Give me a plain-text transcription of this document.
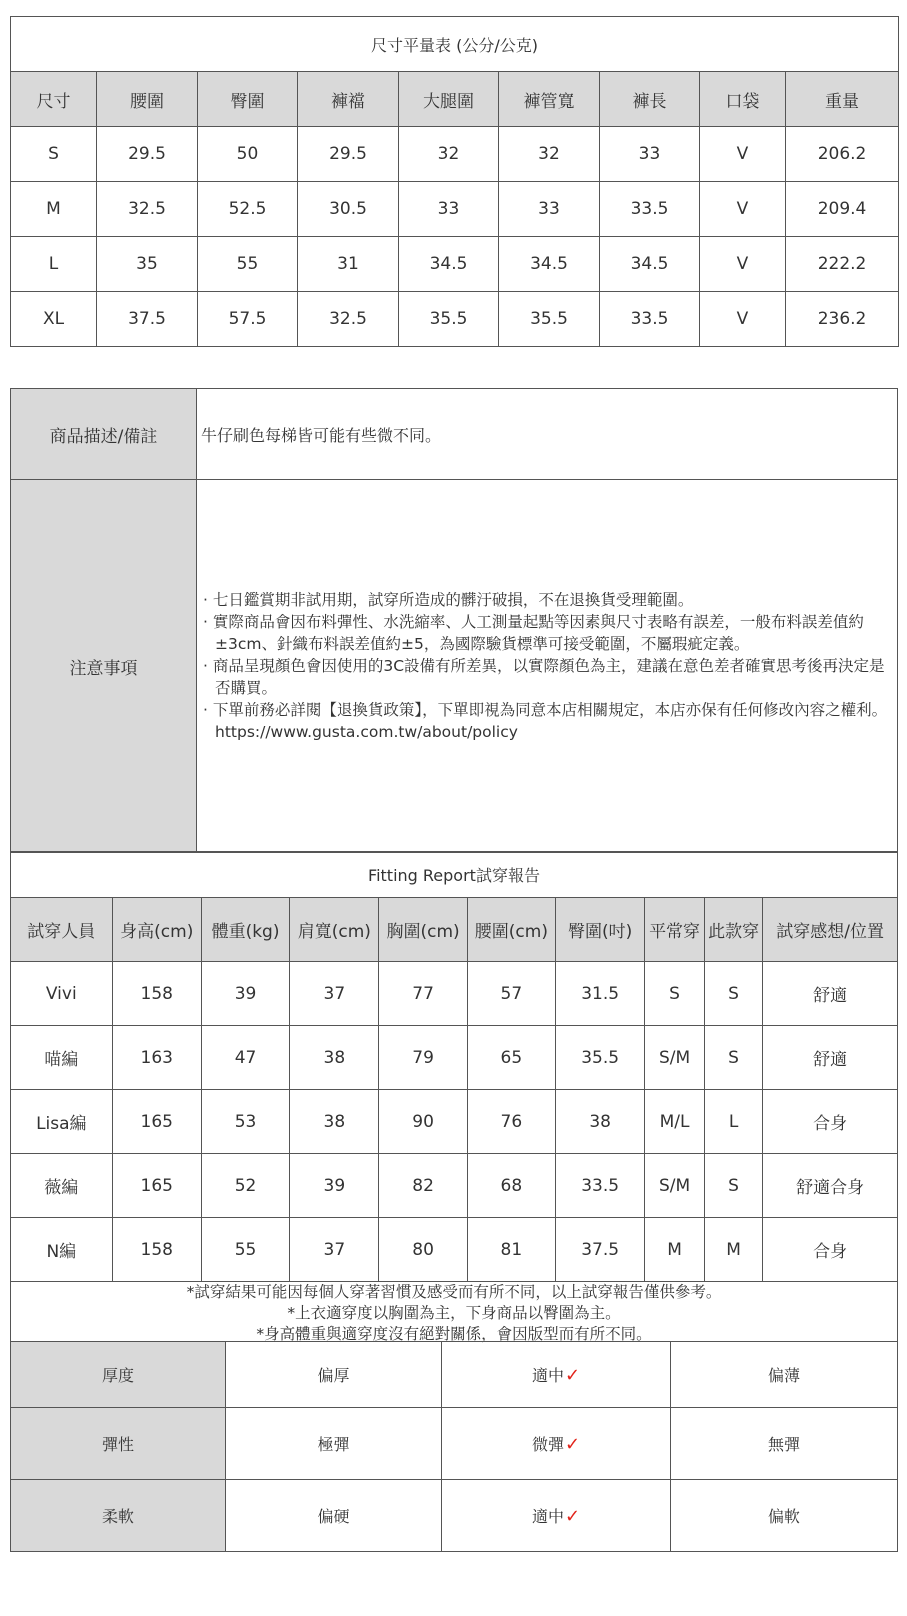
尺寸平量表 (公分/公克)								
尺寸	腰圍	臀圍	褲襠	大腿圍	褲管寬	褲長	口袋	重量
S	29.5	50	29.5	32	32	33	V	206.2
M	32.5	52.5	30.5	33	33	33.5	V	209.4
L	35	55	31	34.5	34.5	34.5	V	222.2
XL	37.5	57.5	32.5	35.5	35.5	33.5	V	236.2
商品描述/備註	牛仔刷色每梯皆可能有些微不同。
注意事項	· 七日鑑賞期非試用期，試穿所造成的髒汙破損，不在退換貨受理範圍。
· 實際商品會因布料彈性、水洗縮率、人工測量起點等因素與尺寸表略有誤差，一般布料誤差值約±3cm、針織布料誤差值約±5，為國際驗貨標準可接受範圍，不屬瑕疵定義。
· 商品呈現顏色會因使用的3C設備有所差異，以實際顏色為主，建議在意色差者確實思考後再決定是否購買。
· 下單前務必詳閱【退換貨政策】，下單即視為同意本店相關規定，本店亦保有任何修改內容之權利。https://www.gusta.com.tw/about/policy
Fitting Report試穿報告									
試穿人員	身高(cm)	體重(kg)	肩寬(cm)	胸圍(cm)	腰圍(cm)	臀圍(吋)	平常穿	此款穿	試穿感想/位置
Vivi	158	39	37	77	57	31.5	S	S	舒適
喵編	163	47	38	79	65	35.5	S/M	S	舒適
Lisa編	165	53	38	90	76	38	M/L	L	合身
薇編	165	52	39	82	68	33.5	S/M	S	舒適合身
N編	158	55	37	80	81	37.5	M	M	合身

*試穿結果可能因每個人穿著習慣及感受而有所不同，以上試穿報告僅供參考。
*上衣適穿度以胸圍為主，下身商品以臀圍為主。
*身高體重與適穿度沒有絕對關係，會因版型而有所不同。									
厚度	偏厚	適中✓	偏薄
彈性	極彈	微彈✓	無彈
柔軟	偏硬	適中✓	偏軟
